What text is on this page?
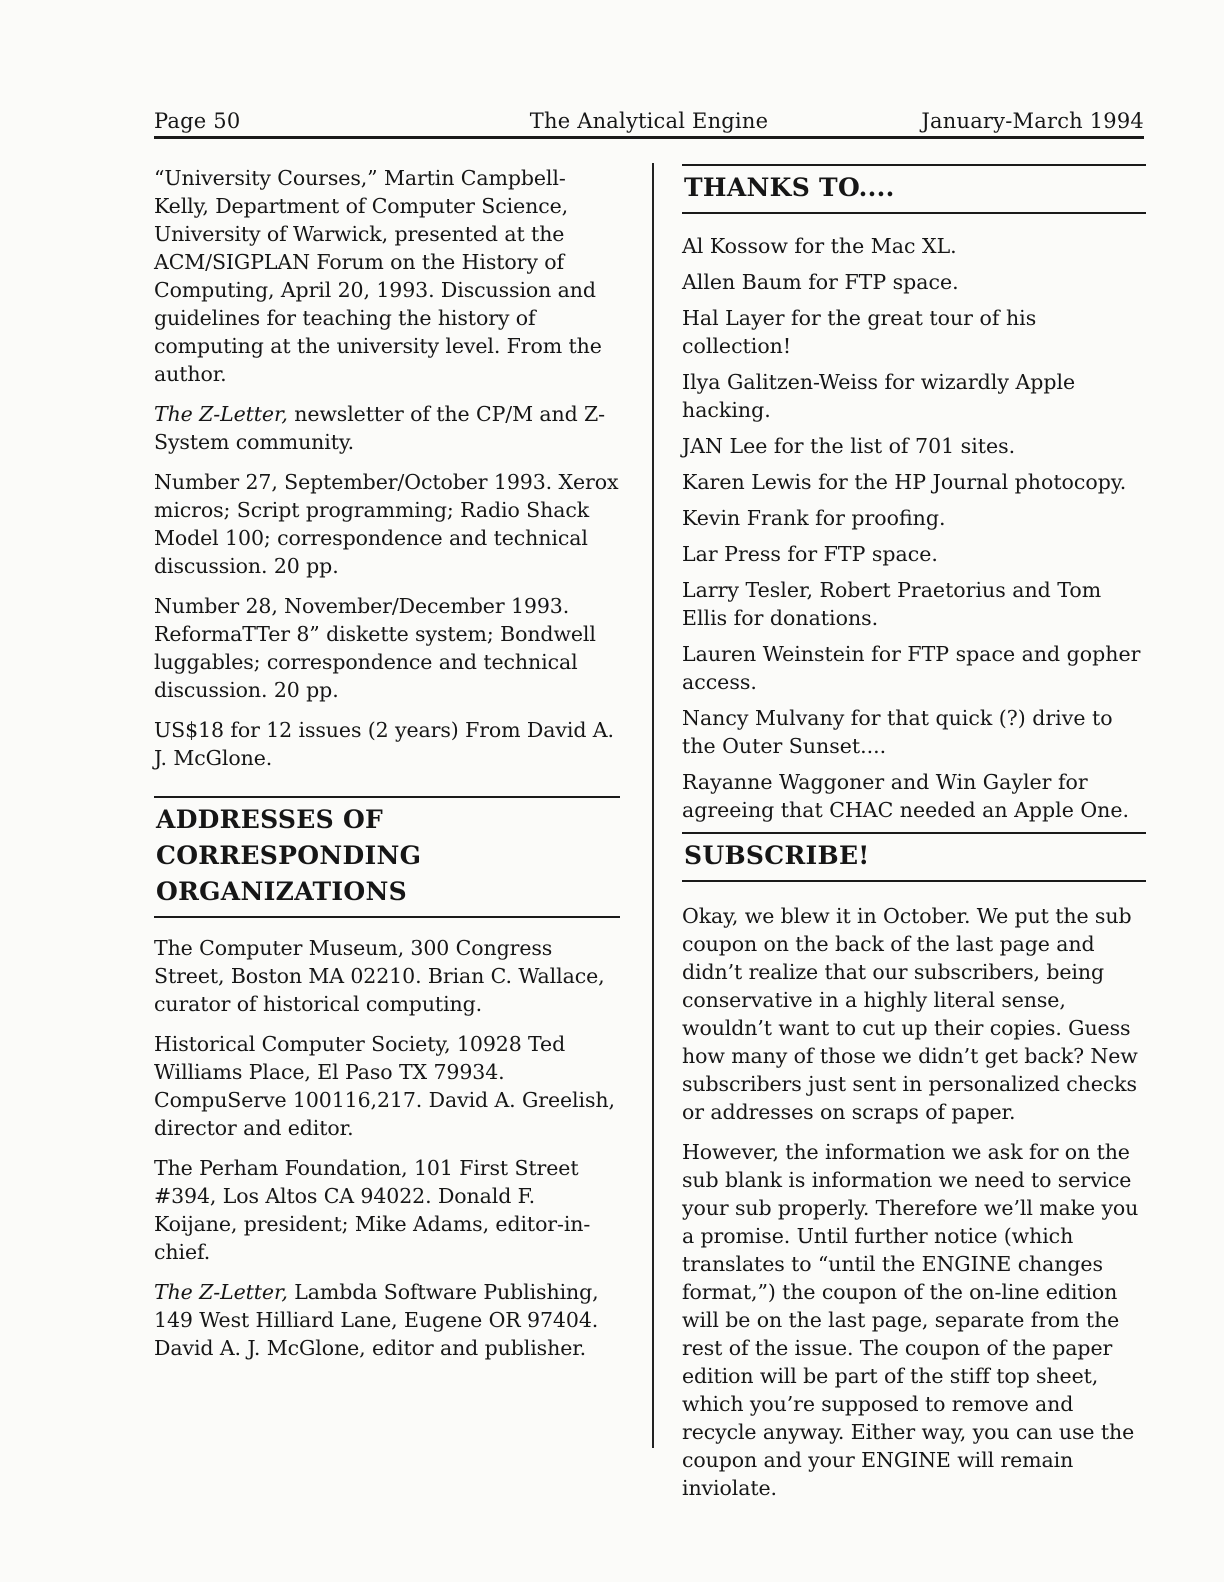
Page 50	The Analytical Engine	January-March 1994

“University Courses,” Martin Campbell-Kelly, Department of Computer Science, University of Warwick, presented at the ACM/SIGPLAN Forum on the History of Computing, April 20, 1993. Discussion and guidelines for teaching the history of computing at the university level. From the author.

The Z-Letter, newsletter of the CP/M and Z-System community.

Number 27, September/October 1993. Xerox micros; Script programming; Radio Shack Model 100; correspondence and technical discussion. 20 pp.

Number 28, November/December 1993. ReformaTTer 8” diskette system; Bondwell luggables; correspondence and technical discussion. 20 pp.

US$18 for 12 issues (2 years) From David A. J. McGlone.

ADDRESSES OF CORRESPONDING ORGANIZATIONS

The Computer Museum, 300 Congress Street, Boston MA 02210. Brian C. Wallace, curator of historical computing.

Historical Computer Society, 10928 Ted Williams Place, El Paso TX 79934. CompuServe 100116,217. David A. Greelish, director and editor.

The Perham Foundation, 101 First Street #394, Los Altos CA 94022. Donald F. Koijane, president; Mike Adams, editor-in-chief.

The Z-Letter, Lambda Software Publishing, 149 West Hilliard Lane, Eugene OR 97404. David A. J. McGlone, editor and publisher.

THANKS TO....
Al Kossow for the Mac XL.
Allen Baum for FTP space.
Hal Layer for the great tour of his collection!
Ilya Galitzen-Weiss for wizardly Apple hacking.
JAN Lee for the list of 701 sites.
Karen Lewis for the HP Journal photocopy.
Kevin Frank for proofing.
Lar Press for FTP space.
Larry Tesler, Robert Praetorius and Tom Ellis for donations.
Lauren Weinstein for FTP space and gopher access.
Nancy Mulvany for that quick (?) drive to the Outer Sunset....
Rayanne Waggoner and Win Gayler for agreeing that CHAC needed an Apple One.
SUBSCRIBE!

Okay, we blew it in October. We put the sub coupon on the back of the last page and didn’t realize that our subscribers, being conservative in a highly literal sense, wouldn’t want to cut up their copies. Guess how many of those we didn’t get back? New subscribers just sent in personalized checks or addresses on scraps of paper.

However, the information we ask for on the sub blank is information we need to service your sub properly. Therefore we’ll make you a promise. Until further notice (which translates to “until the ENGINE changes format,”) the coupon of the on-line edition will be on the last page, separate from the rest of the issue. The coupon of the paper edition will be part of the stiff top sheet, which you’re supposed to remove and recycle anyway. Either way, you can use the coupon and your ENGINE will remain inviolate.
